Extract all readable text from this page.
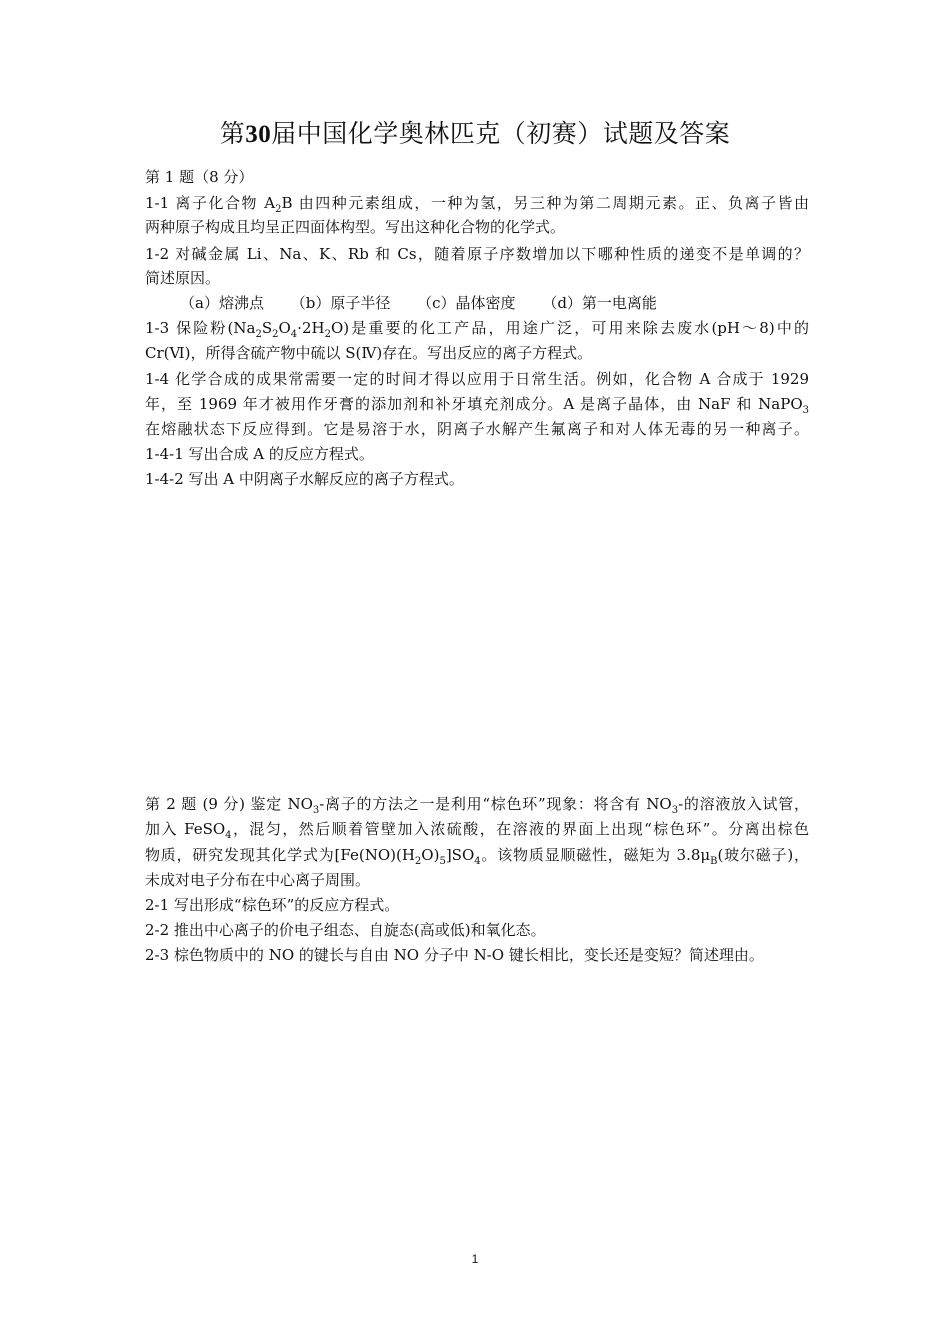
第30届中国化学奥林匹克（初赛）试题及答案
第 1 题（8 分）
1-1 离子化合物 $A_2B$ 由四种元素组成，一种为氢，另三种为第二周期元素。正、负离子皆由
两种原子构成且均呈正四面体构型。写出这种化合物的化学式。
1-2 对碱金属 Li、Na、K、Rb 和 Cs，随着原子序数增加以下哪种性质的递变不是单调的？
简述原因。
（a）熔沸点 （b）原子半径 （c）晶体密度 （d）第一电离能
1-3 保险粉$(Na_2S_2O_4\cdot 2H_2O)$是重要的化工产品，用途广泛，可用来除去废水(pH～8)中的
Cr(Ⅵ)，所得含硫产物中硫以 S(Ⅳ)存在。写出反应的离子方程式。
1-4 化学合成的成果常需要一定的时间才得以应用于日常生活。例如，化合物 A 合成于 1929
年，至 1969 年才被用作牙膏的添加剂和补牙填充剂成分。A 是离子晶体，由 NaF 和 NaPO$_3$
在熔融状态下反应得到。它是易溶于水，阴离子水解产生氟离子和对人体无毒的另一种离子。
1-4-1 写出合成 A 的反应方程式。
1-4-2 写出 A 中阴离子水解反应的离子方程式。
第 2 题 (9 分) 鉴定 $NO_3-$离子的方法之一是利用“棕色环”现象：将含有 $NO_3-$的溶液放入试管，
加入 FeSO$_4$，混匀，然后顺着管壁加入浓硫酸，在溶液的界面上出现“棕色环”。分离出棕色
物质，研究发现其化学式为$[Fe(NO)(H_2O)_5]SO_4$。该物质显顺磁性，磁矩为 $3.8\mu_B$(玻尔磁子)，
未成对电子分布在中心离子周围。
2-1 写出形成“棕色环”的反应方程式。
2-2 推出中心离子的价电子组态、自旋态(高或低)和氧化态。
2-3 棕色物质中的 NO 的键长与自由 NO 分子中 N-O 键长相比，变长还是变短？简述理由。
1
